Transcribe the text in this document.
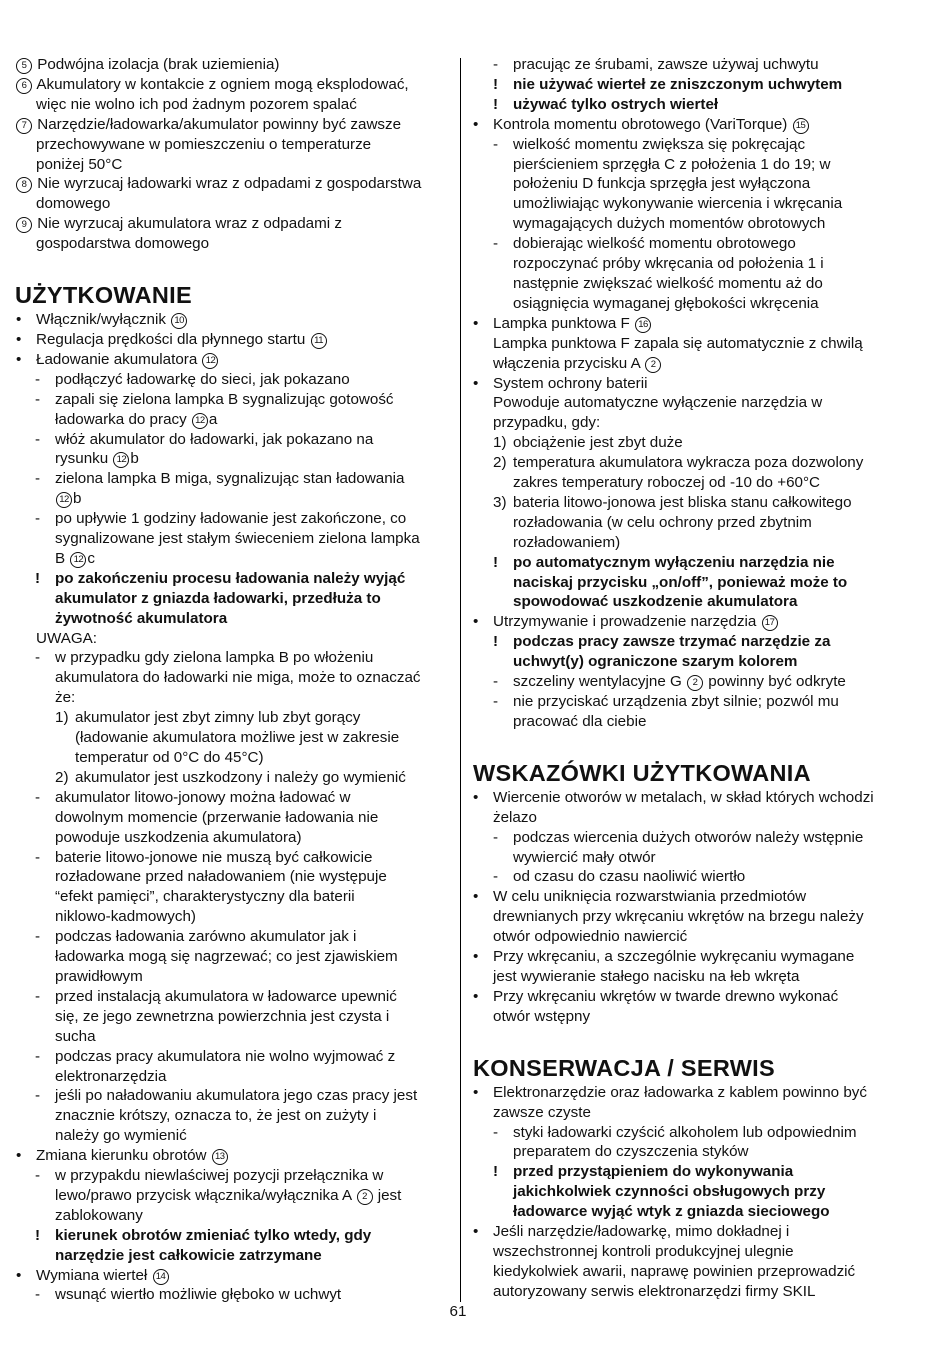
5 Podwójna izolacja (brak uziemienia)
6 Akumulatory w kontakcie z ogniem mogą eksplodować,
więc nie wolno ich pod żadnym pozorem spalać
7 Narzędzie/ładowarka/akumulator powinny być zawsze
przechowywane w pomieszczeniu o temperaturze
poniżej 50°C
8 Nie wyrzucaj ładowarki wraz z odpadami z gospodarstwa
domowego
9 Nie wyrzucaj akumulatora wraz z odpadami z
gospodarstwa domowego
UŻYTKOWANIE
• Włącznik/wyłącznik 10
• Regulacja prędkości dla płynnego startu 11
• Ładowanie akumulatora 12
- podłączyć ładowarkę do sieci, jak pokazano
- zapali się zielona lampka B sygnalizując gotowość
ładowarka do pracy 12 a
- włóż akumulator do ładowarki, jak pokazano na
rysunku 12 b
- zielona lampka B miga, sygnalizując stan ładowania
12 b
- po upływie 1 godziny ładowanie jest zakończone, co
sygnalizowane jest stałym świeceniem zielona lampka
B 12 c
! po zakończeniu procesu ładowania należy wyjąć
akumulator z gniazda ładowarki, przedłuża to
żywotność akumulatora
UWAGA:
- w przypadku gdy zielona lampka B po włożeniu
akumulatora do ładowarki nie miga, może to oznaczać
że:
1) akumulator jest zbyt zimny lub zbyt gorący
(ładowanie akumulatora możliwe jest w zakresie
temperatur od 0°C do 45°C)
2) akumulator jest uszkodzony i należy go wymienić
- akumulator litowo-jonowy można ładować w
dowolnym momencie (przerwanie ładowania nie
powoduje uszkodzenia akumulatora)
- baterie litowo-jonowe nie muszą być całkowicie
rozładowane przed naładowaniem (nie występuje
“efekt pamięci”, charakterystyczny dla baterii
niklowo-kadmowych)
- podczas ładowania zarówno akumulator jak i
ładowarka mogą się nagrzewać; co jest zjawiskiem
prawidłowym
- przed instalacją akumulatora w ładowarce upewnić
się, ze jego zewnetrzna powierzchnia jest czysta i
sucha
- podczas pracy akumulatora nie wolno wyjmować z
elektronarzędzia
- jeśli po naładowaniu akumulatora jego czas pracy jest
znacznie krótszy, oznacza to, że jest on zużyty i
należy go wymienić
• Zmiana kierunku obrotów 13
- w przypakdu niewlaściwej pozycji przełącznika w
lewo/prawo przycisk włącznika/wyłącznika A 2 jest
zablokowany
! kierunek obrotów zmieniać tylko wtedy, gdy
narzędzie jest całkowicie zatrzymane
• Wymiana wierteł 14
- wsunąć wiertło możliwie głęboko w uchwyt
- pracując ze śrubami, zawsze używaj uchwytu
! nie używać wierteł ze zniszczonym uchwytem
! używać tylko ostrych wierteł
• Kontrola momentu obrotowego (VariTorque) 15
- wielkość momentu zwiększa się pokręcając
pierścieniem sprzęgła C z położenia 1 do 19; w
położeniu D funkcja sprzęgła jest wyłączona
umożliwiając wykonywanie wiercenia i wkręcania
wymagających dużych momentów obrotowych
- dobierając wielkość momentu obrotowego
rozpoczynać próby wkręcania od położenia 1 i
następnie zwiększać wielkość momentu aż do
osiągnięcia wymaganej głębokości wkręcenia
• Lampka punktowa F 16
Lampka punktowa F zapala się automatycznie z chwilą
włączenia przycisku A 2
• System ochrony baterii
Powoduje automatyczne wyłączenie narzędzia w
przypadku, gdy:
1) obciążenie jest zbyt duże
2) temperatura akumulatora wykracza poza dozwolony
zakres temperatury roboczej od -10 do +60°C
3) bateria litowo-jonowa jest bliska stanu całkowitego
rozładowania (w celu ochrony przed zbytnim
rozładowaniem)
! po automatycznym wyłączeniu narzędzia nie
naciskaj przycisku „on/off”, ponieważ może to
spowodować uszkodzenie akumulatora
• Utrzymywanie i prowadzenie narzędzia 17
! podczas pracy zawsze trzymać narzędzie za
uchwyt(y) ograniczone szarym kolorem
- szczeliny wentylacyjne G 2 powinny być odkryte
- nie przyciskać urządzenia zbyt silnie; pozwól mu
pracować dla ciebie
WSKAZÓWKI UŻYTKOWANIA
• Wiercenie otworów w metalach, w skład których wchodzi
żelazo
- podczas wiercenia dużych otworów należy wstępnie
wywiercić mały otwór
- od czasu do czasu naoliwić wiertło
• W celu uniknięcia rozwarstwiania przedmiotów
drewnianych przy wkręcaniu wkrętów na brzegu należy
otwór odpowiednio nawiercić
• Przy wkręcaniu, a szczególnie wykręcaniu wymagane
jest wywieranie stałego nacisku na łeb wkręta
• Przy wkręcaniu wkrętów w twarde drewno wykonać
otwór wstępny
KONSERWACJA / SERWIS
• Elektronarzędzie oraz ładowarka z kablem powinno być
zawsze czyste
- styki ładowarki czyścić alkoholem lub odpowiednim
preparatem do czyszczenia styków
! przed przystąpieniem do wykonywania
jakichkolwiek czynności obsługowych przy
ładowarce wyjąć wtyk z gniazda sieciowego
• Jeśli narzędzie/ładowarkę, mimo dokładnej i
wszechstronnej kontroli produkcyjnej ulegnie
kiedykolwiek awarii, naprawę powinien przeprowadzić
autoryzowany serwis elektronarzędzi firmy SKIL
61
